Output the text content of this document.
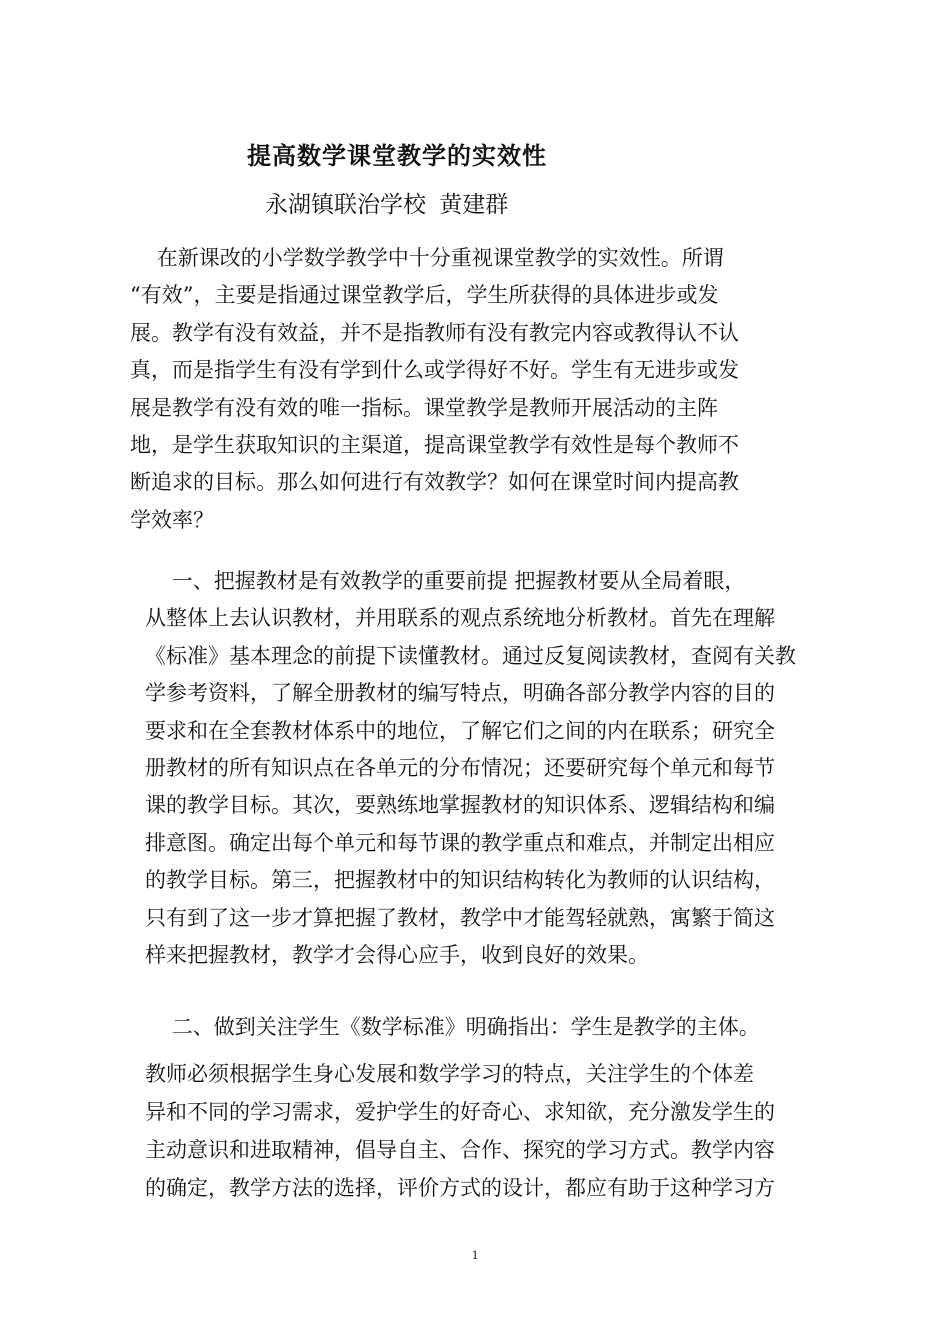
提高数学课堂教学的实效性
永湖镇联治学校 黄建群
在新课改的小学数学教学中十分重视课堂教学的实效性。所谓
“有效”，主要是指通过课堂教学后，学生所获得的具体进步或发
展。教学有没有效益，并不是指教师有没有教完内容或教得认不认
真，而是指学生有没有学到什么或学得好不好。学生有无进步或发
展是教学有没有效的唯一指标。课堂教学是教师开展活动的主阵
地，是学生获取知识的主渠道，提高课堂教学有效性是每个教师不
断追求的目标。那么如何进行有效教学？如何在课堂时间内提高教
学效率？
一、把握教材是有效教学的重要前提 把握教材要从全局着眼，
从整体上去认识教材，并用联系的观点系统地分析教材。首先在理解
《标准》基本理念的前提下读懂教材。通过反复阅读教材，查阅有关教
学参考资料，了解全册教材的编写特点，明确各部分教学内容的目的
要求和在全套教材体系中的地位，了解它们之间的内在联系；研究全
册教材的所有知识点在各单元的分布情况；还要研究每个单元和每节
课的教学目标。其次，要熟练地掌握教材的知识体系、逻辑结构和编
排意图。确定出每个单元和每节课的教学重点和难点，并制定出相应
的教学目标。第三，把握教材中的知识结构转化为教师的认识结构，
只有到了这一步才算把握了教材，教学中才能驾轻就熟，寓繁于简这
样来把握教材，教学才会得心应手，收到良好的效果。
二、做到关注学生《数学标准》明确指出：学生是教学的主体。
教师必须根据学生身心发展和数学学习的特点，关注学生的个体差
异和不同的学习需求，爱护学生的好奇心、求知欲，充分激发学生的
主动意识和进取精神，倡导自主、合作、探究的学习方式。教学内容
的确定，教学方法的选择，评价方式的设计，都应有助于这种学习方
1
